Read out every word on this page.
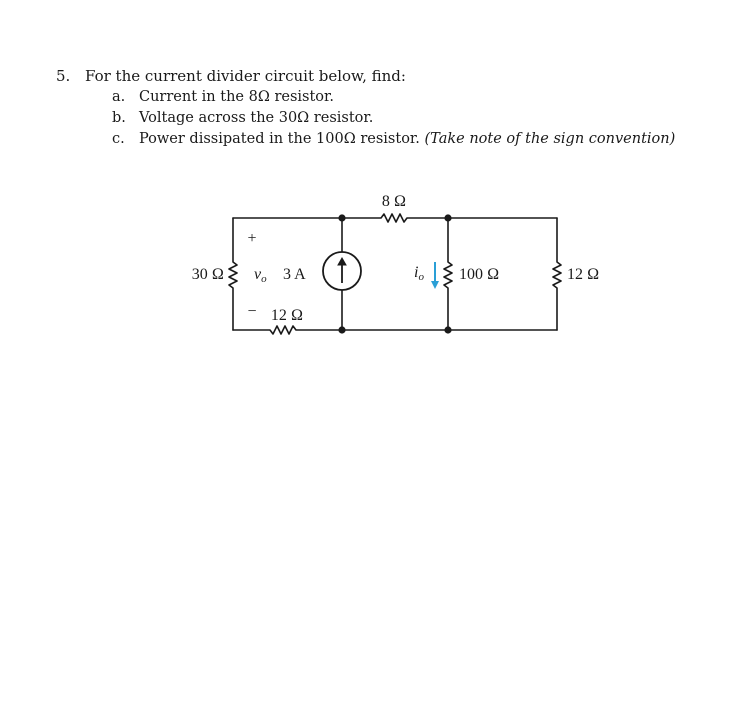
5. For the current divider circuit below, find:
a. Current in the 8Ω resistor.
b. Voltage across the 30Ω resistor.
c. Power dissipated in the 100Ω resistor. (Take note of the sign convention)
8 Ω
30 Ω
+
−
vo 3 A
12 Ω
io 100 Ω	12 Ω
